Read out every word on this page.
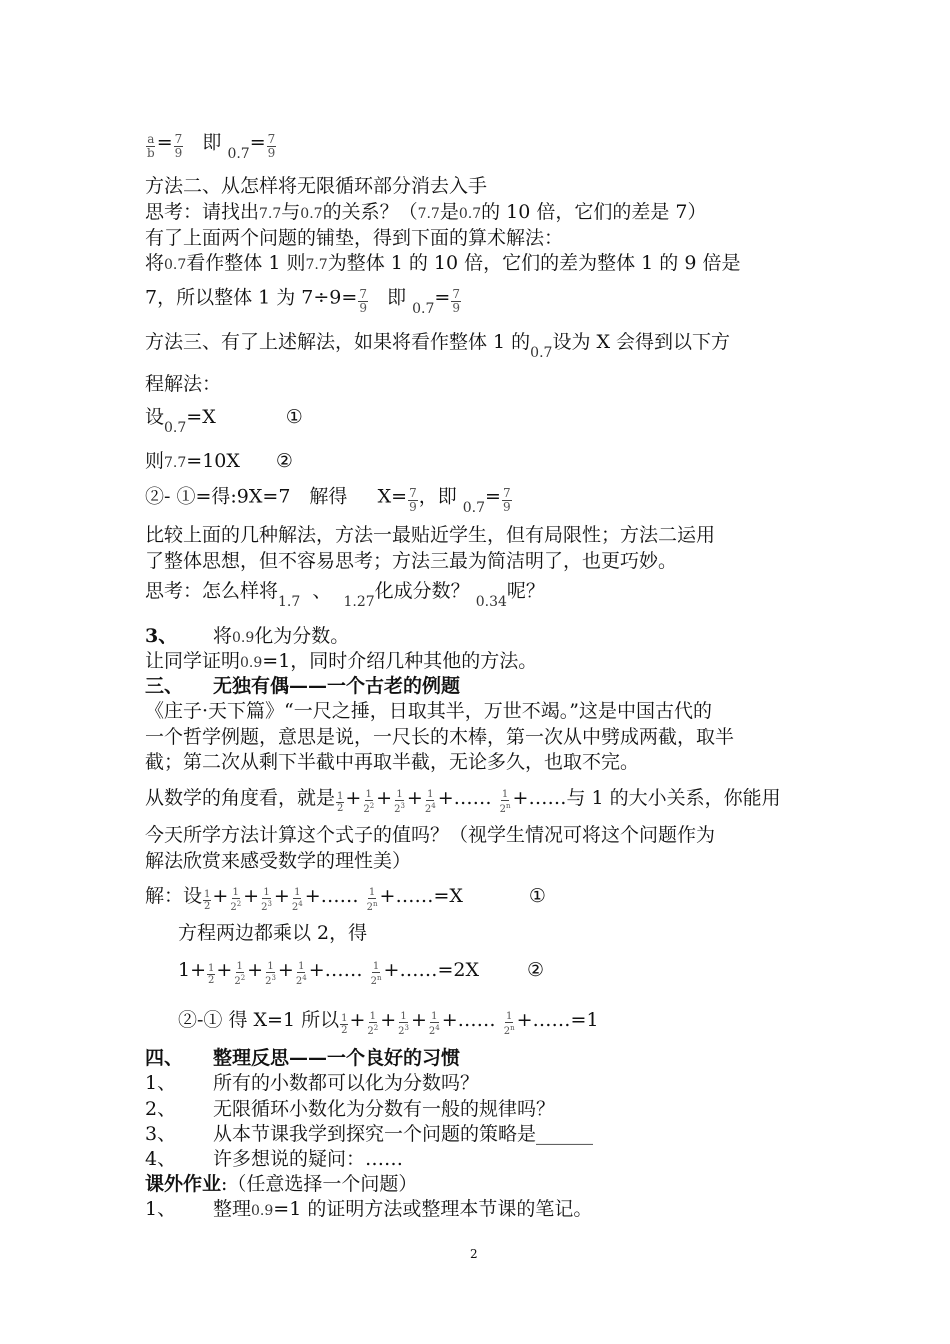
$\frac{a}{b} = \frac{7}{9}$ 即 $_{0.7}= \frac{7}{9}$
方法二、从怎样将无限循环部分消去入手
思考：请找出7.7与0.7的关系？（7.7是0.7的 10 倍，它们的差是 7）
有了上面两个问题的铺垫，得到下面的算术解法：
将0.7看作整体 1 则7.7为整体 1 的 10 倍，它们的差为整体 1 的 9 倍是
7，所以整体 1 为 $7\div 9= \frac{7}{9}$ 即 $_{0.7}= \frac{7}{9}$
方法三、有了上述解法，如果将看作整体 1 的$_{0.7}$设为 X 会得到以下方
程解法：
设$_{0.7}$=X	①
则7.7=10X ②
②- ①=得:9X=7　解得 $X= \frac{7}{9}$ ，即 $_{0.7}= \frac{7}{9}$
比较上面的几种解法，方法一最贴近学生，但有局限性；方法二运用
了整体思想，但不容易思考；方法三最为简洁明了，也更巧妙。
思考：怎么样将$_{1.7}$ 、 $_{1.27}$化成分数？ $_{0.34}$呢？
3、 将0.9化为分数。
让同学证明0.9=1，同时介绍几种其他的方法。
三、 无独有偶——一个古老的例题
《庄子·天下篇》“一尺之捶，日取其半，万世不竭。”这是中国古代的
一个哲学例题，意思是说，一尺长的木棒，第一次从中劈成两截，取半
截；第二次从剩下半截中再取半截，无论多久，也取不完。
从数学的角度看，就是 $\frac{1}{2} + \frac{1}{2^2} + \frac{1}{2^3} + \frac{1}{2^4}$ +…… $\frac{1}{2^n}$ +……与 1 的大小关系，你能用
今天所学方法计算这个式子的值吗？（视学生情况可将这个问题作为
解法欣赏来感受数学的理性美）
解：设 $\frac{1}{2} + \frac{1}{2^2} + \frac{1}{2^3} + \frac{1}{2^4}$ +…… $\frac{1}{2^n}$ +……=X	①
方程两边都乘以 2，得
$1+ \frac{1}{2} + \frac{1}{2^2} + \frac{1}{2^3} + \frac{1}{2^4}$ +…… $\frac{1}{2^n}$ +……=2X	②
②-① 得 X=1 所以 $\frac{1}{2} + \frac{1}{2^2} + \frac{1}{2^3} + \frac{1}{2^4}$ +…… $\frac{1}{2^n}$ +……=1
四、 整理反思——一个良好的习惯
1、 所有的小数都可以化为分数吗？
2、 无限循环小数化为分数有一般的规律吗？
3、 从本节课我学到探究一个问题的策略是______
4、 许多想说的疑问：……
课外作业:（任意选择一个问题）
1、 整理0.9=1 的证明方法或整理本节课的笔记。
2
